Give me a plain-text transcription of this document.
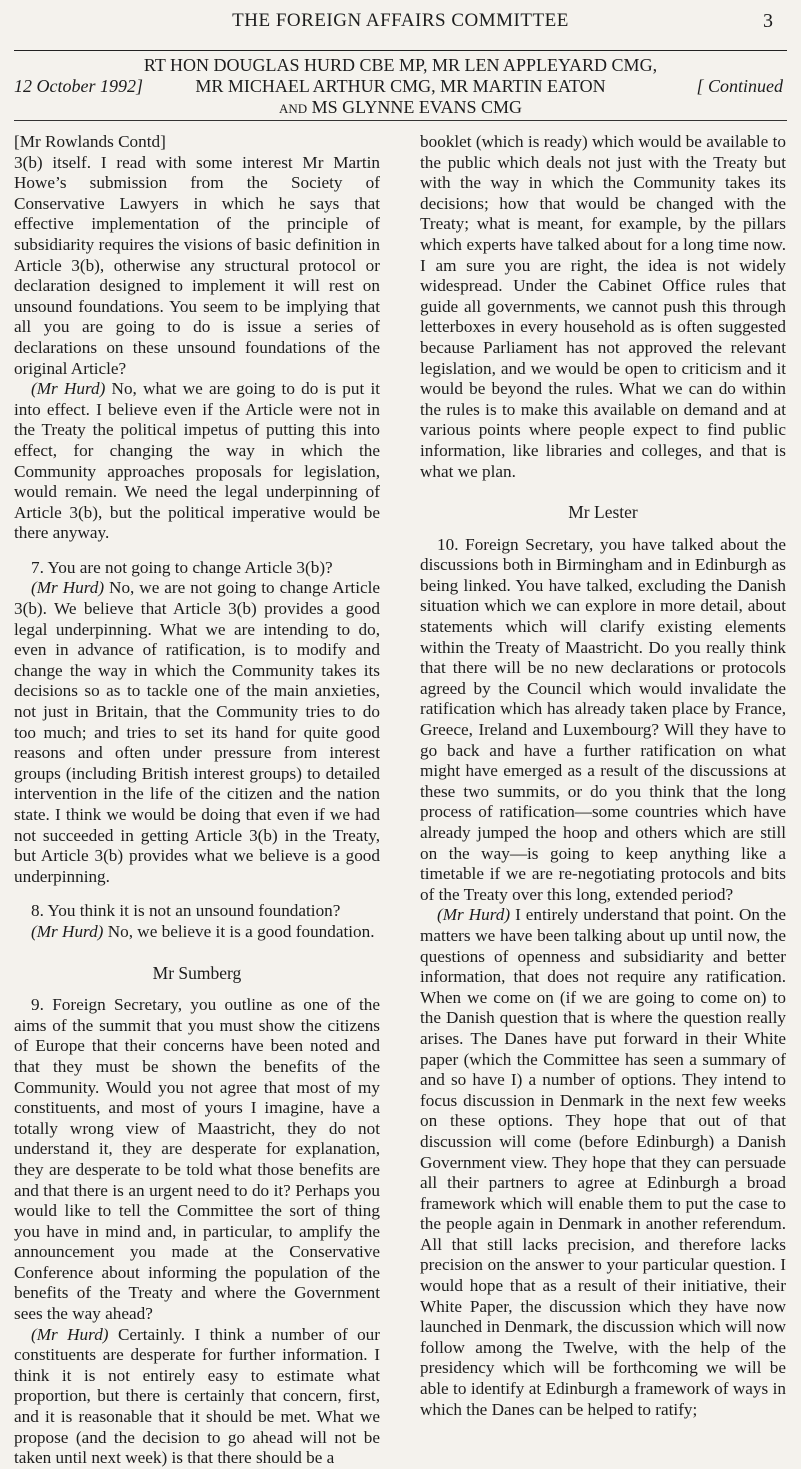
THE FOREIGN AFFAIRS COMMITTEE	3
RT HON DOUGLAS HURD CBE MP, MR LEN APPLEYARD CMG,
MR MICHAEL ARTHUR CMG, MR MARTIN EATON
and MS GLYNNE EVANS CMG
12 October 1992]	[ Continued

[Mr Rowlands Contd]

3(b) itself. I read with some interest Mr Martin Howe’s submission from the Society of Conservative Lawyers in which he says that effective implementation of the principle of subsidiarity requires the visions of basic definition in Article 3(b), otherwise any structural protocol or declaration designed to implement it will rest on unsound foundations. You seem to be implying that all you are going to do is issue a series of declarations on these unsound foundations of the original Article?

(Mr Hurd) No, what we are going to do is put it into effect. I believe even if the Article were not in the Treaty the political impetus of putting this into effect, for changing the way in which the Community approaches proposals for legislation, would remain. We need the legal underpinning of Article 3(b), but the political imperative would be there anyway.

7. You are not going to change Article 3(b)?

(Mr Hurd) No, we are not going to change Article 3(b). We believe that Article 3(b) provides a good legal underpinning. What we are intending to do, even in advance of ratification, is to modify and change the way in which the Community takes its decisions so as to tackle one of the main anxieties, not just in Britain, that the Community tries to do too much; and tries to set its hand for quite good reasons and often under pressure from interest groups (including British interest groups) to detailed intervention in the life of the citizen and the nation state. I think we would be doing that even if we had not succeeded in getting Article 3(b) in the Treaty, but Article 3(b) provides what we believe is a good underpinning.

8. You think it is not an unsound foundation?

(Mr Hurd) No, we believe it is a good foundation.

Mr Sumberg

9. Foreign Secretary, you outline as one of the aims of the summit that you must show the citizens of Europe that their concerns have been noted and that they must be shown the benefits of the Community. Would you not agree that most of my constituents, and most of yours I imagine, have a totally wrong view of Maastricht, they do not understand it, they are desperate for explanation, they are desperate to be told what those benefits are and that there is an urgent need to do it? Perhaps you would like to tell the Committee the sort of thing you have in mind and, in particular, to amplify the announcement you made at the Conservative Conference about informing the population of the benefits of the Treaty and where the Government sees the way ahead?

(Mr Hurd) Certainly. I think a number of our constituents are desperate for further information. I think it is not entirely easy to estimate what proportion, but there is certainly that concern, first, and it is reasonable that it should be met. What we propose (and the decision to go ahead will not be taken until next week) is that there should be a

booklet (which is ready) which would be available to the public which deals not just with the Treaty but with the way in which the Community takes its decisions; how that would be changed with the Treaty; what is meant, for example, by the pillars which experts have talked about for a long time now. I am sure you are right, the idea is not widely widespread. Under the Cabinet Office rules that guide all governments, we cannot push this through letterboxes in every household as is often suggested because Parliament has not approved the relevant legislation, and we would be open to criticism and it would be beyond the rules. What we can do within the rules is to make this available on demand and at various points where people expect to find public information, like libraries and colleges, and that is what we plan.

Mr Lester

10. Foreign Secretary, you have talked about the discussions both in Birmingham and in Edinburgh as being linked. You have talked, excluding the Danish situation which we can explore in more detail, about statements which will clarify existing elements within the Treaty of Maastricht. Do you really think that there will be no new declarations or protocols agreed by the Council which would invalidate the ratification which has already taken place by France, Greece, Ireland and Luxembourg? Will they have to go back and have a further ratification on what might have emerged as a result of the discussions at these two summits, or do you think that the long process of ratification—some countries which have already jumped the hoop and others which are still on the way—is going to keep anything like a timetable if we are re-negotiating protocols and bits of the Treaty over this long, extended period?

(Mr Hurd) I entirely understand that point. On the matters we have been talking about up until now, the questions of openness and subsidiarity and better information, that does not require any ratification. When we come on (if we are going to come on) to the Danish question that is where the question really arises. The Danes have put forward in their White paper (which the Committee has seen a summary of and so have I) a number of options. They intend to focus discussion in Denmark in the next few weeks on these options. They hope that out of that discussion will come (before Edinburgh) a Danish Government view. They hope that they can persuade all their partners to agree at Edinburgh a broad framework which will enable them to put the case to the people again in Denmark in another referendum. All that still lacks precision, and therefore lacks precision on the answer to your particular question. I would hope that as a result of their initiative, their White Paper, the discussion which they have now launched in Denmark, the discussion which will now follow among the Twelve, with the help of the presidency which will be forthcoming we will be able to identify at Edinburgh a framework of ways in which the Danes can be helped to ratify;
